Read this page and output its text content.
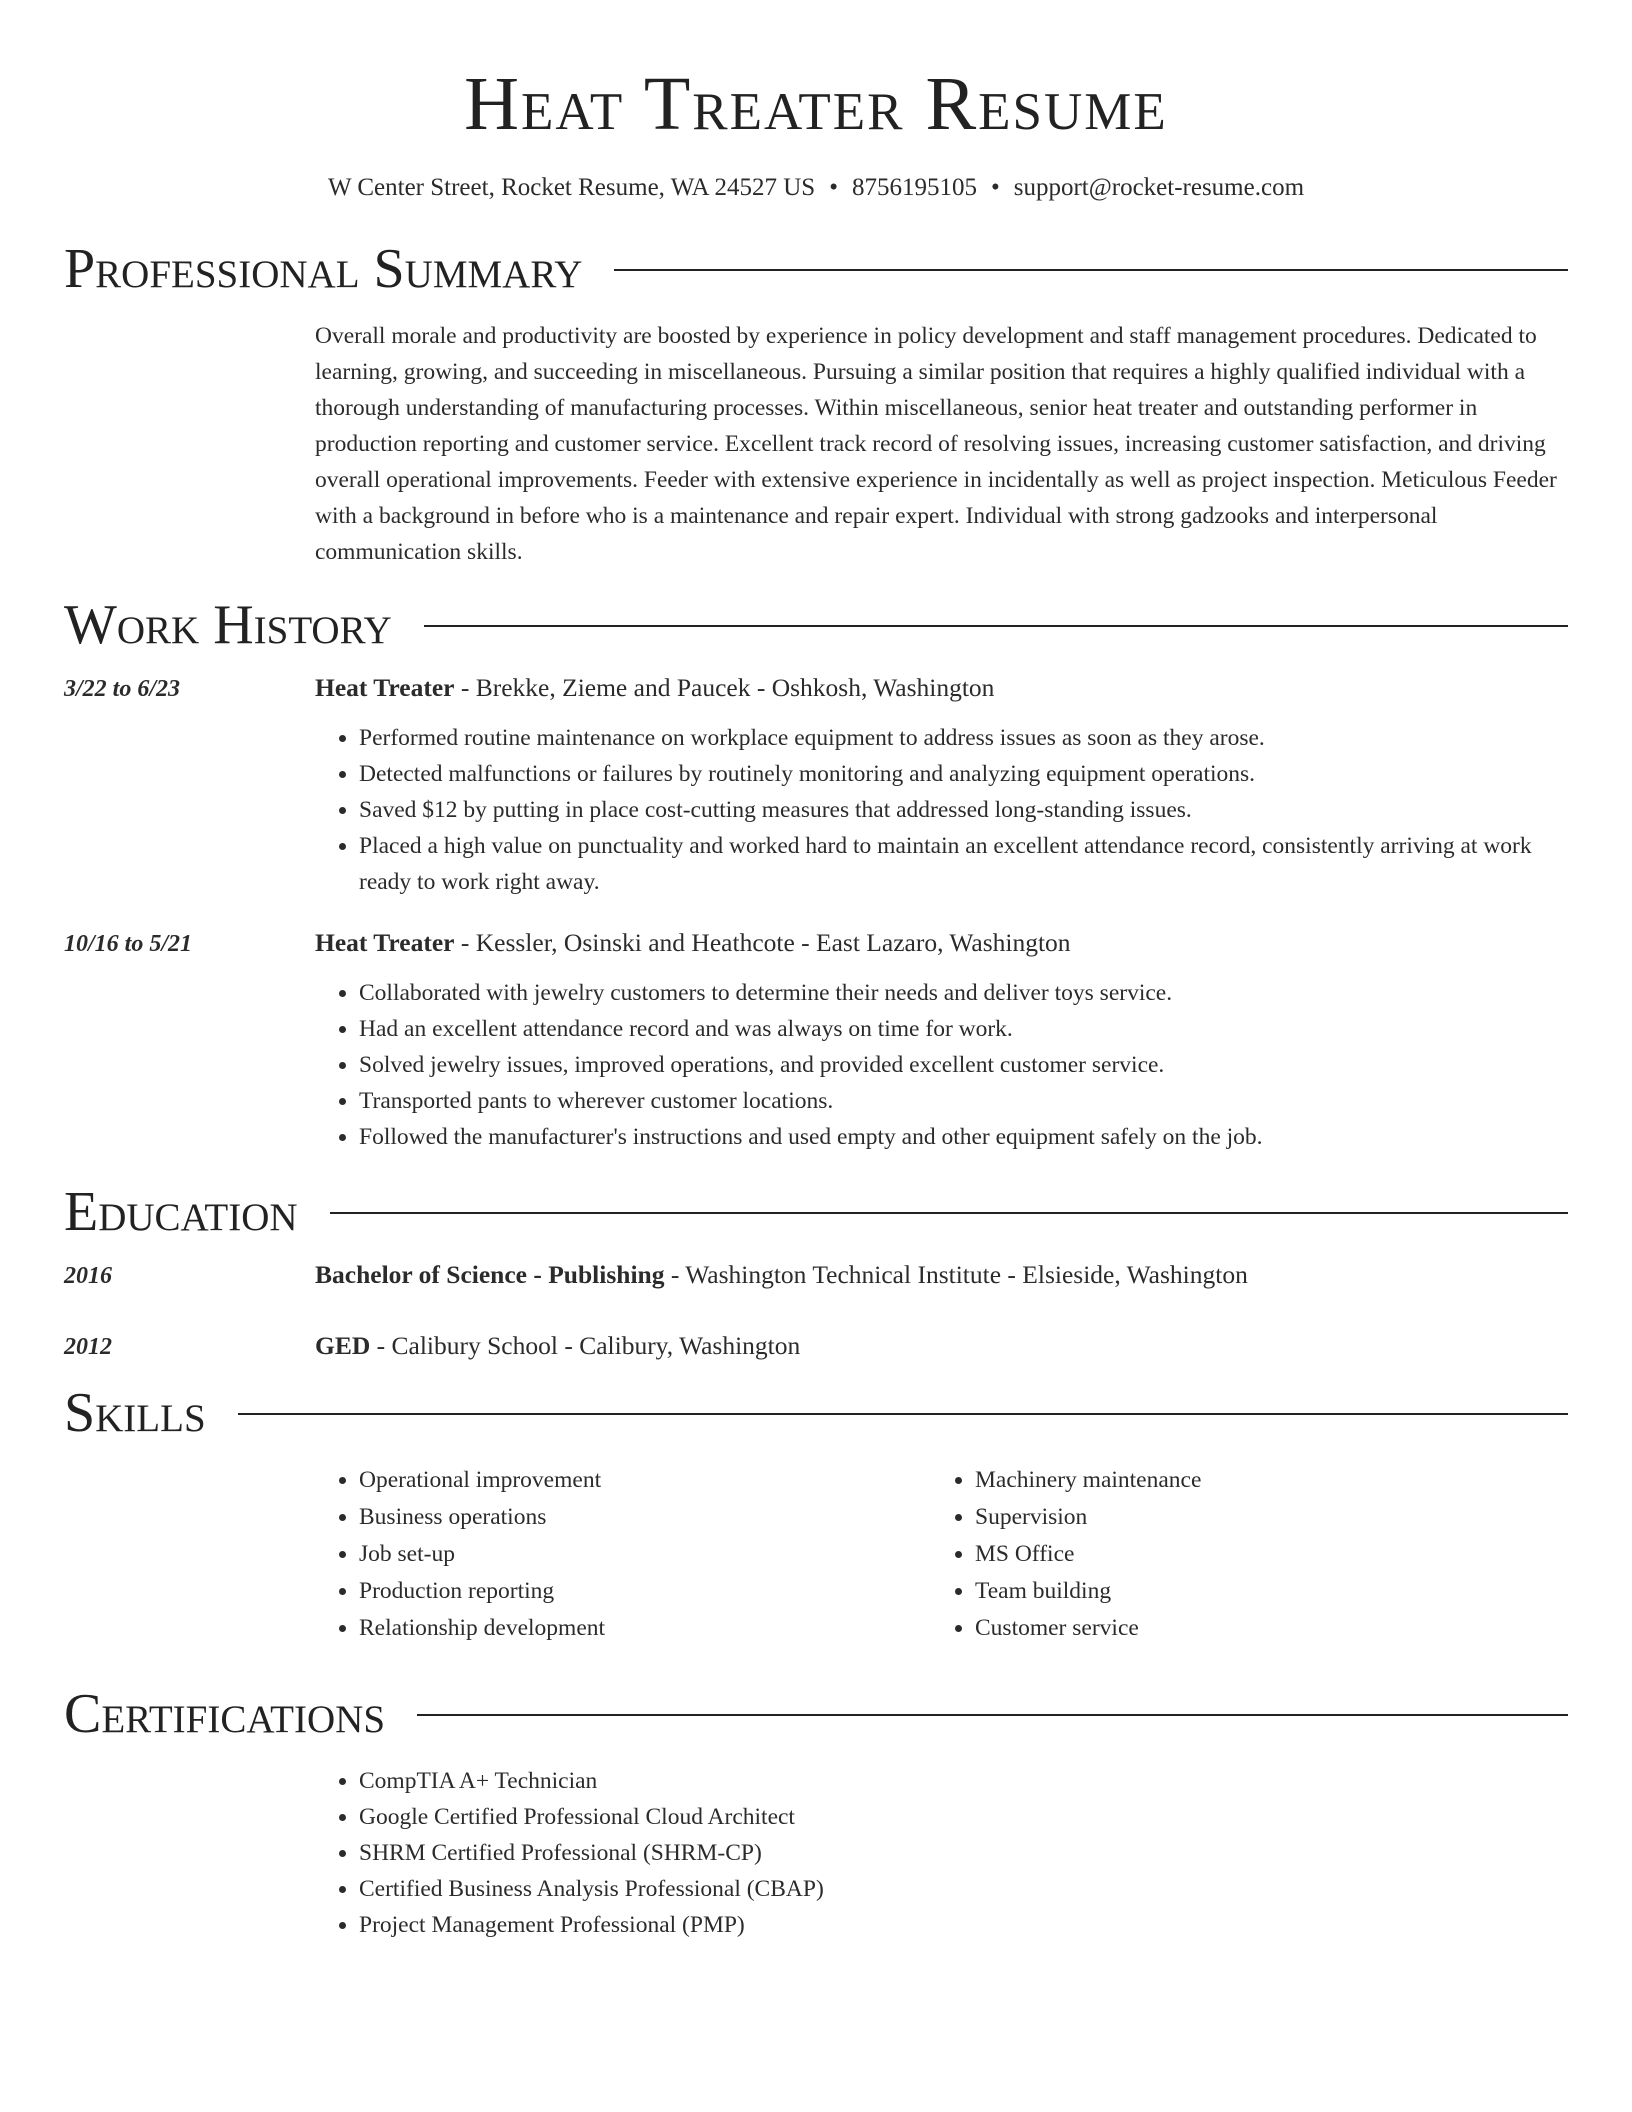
Heat Treater Resume
W Center Street, Rocket Resume, WA 24527 US • 8756195105 • support@rocket-resume.com
Professional Summary
Overall morale and productivity are boosted by experience in policy development and staff management procedures. Dedicated to learning, growing, and succeeding in miscellaneous. Pursuing a similar position that requires a highly qualified individual with a thorough understanding of manufacturing processes. Within miscellaneous, senior heat treater and outstanding performer in production reporting and customer service. Excellent track record of resolving issues, increasing customer satisfaction, and driving overall operational improvements. Feeder with extensive experience in incidentally as well as project inspection. Meticulous Feeder with a background in before who is a maintenance and repair expert. Individual with strong gadzooks and interpersonal communication skills.
Work History
3/22 to 6/23	Heat Treater - Brekke, Zieme and Paucek - Oshkosh, Washington
• Performed routine maintenance on workplace equipment to address issues as soon as they arose.
• Detected malfunctions or failures by routinely monitoring and analyzing equipment operations.
• Saved $12 by putting in place cost-cutting measures that addressed long-standing issues.
• Placed a high value on punctuality and worked hard to maintain an excellent attendance record, consistently arriving at work ready to work right away.
10/16 to 5/21	Heat Treater - Kessler, Osinski and Heathcote - East Lazaro, Washington
• Collaborated with jewelry customers to determine their needs and deliver toys service.
• Had an excellent attendance record and was always on time for work.
• Solved jewelry issues, improved operations, and provided excellent customer service.
• Transported pants to wherever customer locations.
• Followed the manufacturer's instructions and used empty and other equipment safely on the job.
Education
2016	Bachelor of Science - Publishing - Washington Technical Institute - Elsieside, Washington
2012	GED - Calibury School - Calibury, Washington
Skills
• Operational improvement
• Business operations
• Job set-up
• Production reporting
• Relationship development
• Machinery maintenance
• Supervision
• MS Office
• Team building
• Customer service
Certifications
• CompTIA A+ Technician
• Google Certified Professional Cloud Architect
• SHRM Certified Professional (SHRM-CP)
• Certified Business Analysis Professional (CBAP)
• Project Management Professional (PMP)
